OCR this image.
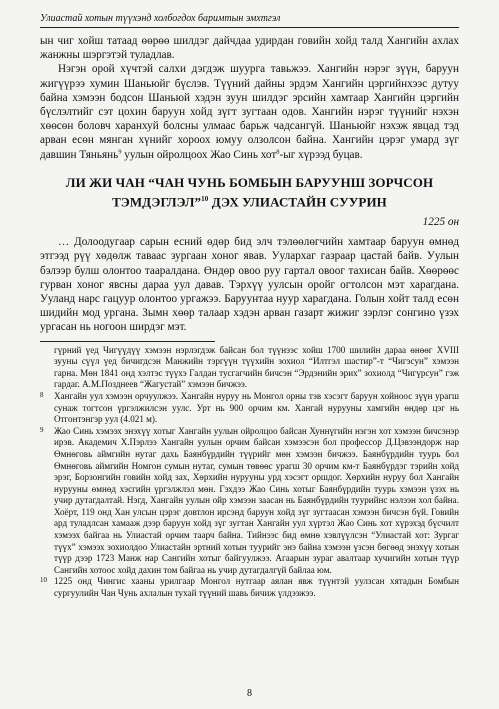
Улиастай хотын түүхэнд холбогдох баримтын эмхтгэл

ын чиг хойш татаад өөрөө шилдэг дайчдаа удирдан говийн хойд талд Хангийн ахлах жанжны шэргэтэй туладлав.

Нэгэн орой хүчтэй салхи дэгдэж шуурга тавьжээ. Хангийн нэрэг зүүн, баруун жигүүрээ хумин Шаньюйг бүслэв. Түүний дайны эрдэм Хангийн цэргийнхээс дутуу байна хэмээн бодсон Шаньюй хэдэн зуун шилдэг эрсийн хамтаар Хангийн цэргийн бүслэлтийг сэт цохин баруун хойд зүгт зугтаан одов. Хангийн нэрэг түүнийг нэхэн хөөсөн боловч харанхуй болсны улмаас барьж чадсангүй. Шаньюйг нэхэж явцад тэд арван есөн мянган хүнийг хороох юмуу олзолсон байна. Хангийн цэрэг умард зүг давшин Тяньянь$^9$ уулын ойролцоох Жао Синь хот$^8$-ыг хүрээд буцав.

ЛИ ЖИ ЧАН “ЧАН ЧУНЬ БОМБЫН БАРУУНШ ЗОРЧСОН
ТЭМДЭГЛЭЛ”$^{10}$ ДЭХ УЛИАСТАЙН СУУРИН
1225 он

… Долоодугаар сарын есний өдөр бид элч тэлөөлөгчийн хамтаар баруун өмнөд этгээд рүү хөдөлж тавааc зургаан хоног явав. Уулархаг газраар цастай байв. Уулын бэлээр булш олонтоо таарaлдана. Өндөр овоо руу гартал овоог тахисан байв. Хөөрөөс гурван хоног явсны дараа уул давав. Тэрхүү уулсын оройг огтолсон мэт харагдана. Ууланд нарс гацуур олонтоо ургажээ. Баруунтаа нуур харагдана. Голын хойт талд есөн шидийн мод ургана. Зымн хөөр талаар хэдэн арван газарт жижиг зэрлэг сонгино үзэх ургасан нь ногоон ширдэг мэт.

гүрний үед Чигүүдүү хэмээн нэрлэгдэж байсан бол түүнээс хойш 1700 шилийн дараа өнөөг XVIII зууны сүүл үед бичигдсэн Манжийн тэргүүн түүхийн зохиол “Илтгэл шастир”-т “Чигэсун” хэмээн гарна. Мөн 1841 онд хэлтэс түүхэ Галдан тусгагчийн бичсэн “Эрдэнийн эрих” зохиолд “Чигүрсун” гэж гардаг. А.М.Позднеев “Жагустай” хэмээн бичжээ.

8 Хангайн уул хэмээн орчуулжээ. Хангайн нуруу нь Монгол орны тэв хэсэгт баруун хойноос зүүн урагш сунаж тогтсон үргэлжилсэн уулс. Урт нь 900 орчим км. Хангай нурууны хамгийн өндөр цэг нь Отгонтэнгэр уул (4.021 м).

9 Жао Синь хэмээх энэхүү хотыг Хангайн уулын ойролцоо байсан Хуннүгийн нэгэн хот хэмээн бичсэнэр ирэв. Академич Х.Пэрлээ Хангайн уулын орчим байсан хэмээсэн бол профессор Д.Цэвээндорж нар Өмнөговь аймгийн нутаг дахь Баянбүрдийн түүрийг мөн хэмээн бичжээ. Баянбүрдийн туурь бол Өмнөговь аймгийн Номгон сумын нутаг, сумын төвөөс урагш 30 орчим км-т Баянбүрдэг тэрийн хойд эрэг, Борзонгийн говийн хойд зах, Хөрхийн нурууны урд хэсэгт оршдог. Хөрхийн нуруу бол Хангайн нурууны өмнөд хэсгийн үргэлжлэл мөн. Гэхдээ Жао Синь хотыг Баянбүрдийн туурь хэмээн үзэх нь учир дутагдалтай. Нэгд, Хангайн уулын ойр хэмээн заасан нь Баянбүрдийн туурийнс нэлээн хол байна. Хоёрт, 119 онд Хан улсын цэрэг довтлон ирсэнд баруун хойд зүг зугтаасан хэмээн бичсэн бүй. Говийн ард туладлсан хамааж дээр баруун хойд зүг зугтан Хангайн уул хүртэл Жао Синь хот хүрэхэд бүсчилт хэмээх байгаа нь Улиастай орчим таарч байна. Тийнээс бид өмнө хэвлүүлсэн “Улиастай хот: Зургаг түүх” хэмээх зохиолдоо Улиастайн эртний хотын туурийг энэ байна хэмээн үзсэн бөгөөд энэхүү хотын түүр дээр 1723 Манж нар Сангийн хотыг байгуулжээ. Агаарын зураг авалтаар хучигийн хотын түүр Сангийн хотоос хойд дахин том байгаа нь учир дутагдалгүй байлаа юм.

10 1225 онд Чингис хааны урилгаар Монгол нутгаар аялан явж түүнтэй уулзсан хятадын Бомбын сургуулийн Чан Чунь ахлалын тухай түүний шавь бичиж үлдээжээ.

8
